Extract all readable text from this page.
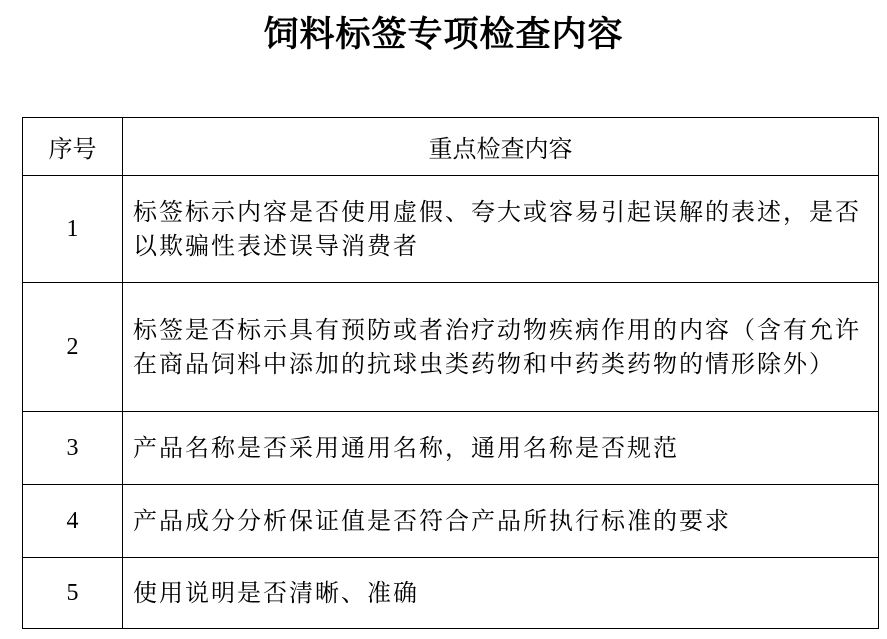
饲料标签专项检查内容
序号	重点检查内容
1	标签标示内容是否使用虚假、夸大或容易引起误解的表述，是否以欺骗性表述误导消费者
2	标签是否标示具有预防或者治疗动物疾病作用的内容（含有允许在商品饲料中添加的抗球虫类药物和中药类药物的情形除外）
3	产品名称是否采用通用名称，通用名称是否规范
4	产品成分分析保证值是否符合产品所执行标准的要求
5	使用说明是否清晰、准确
